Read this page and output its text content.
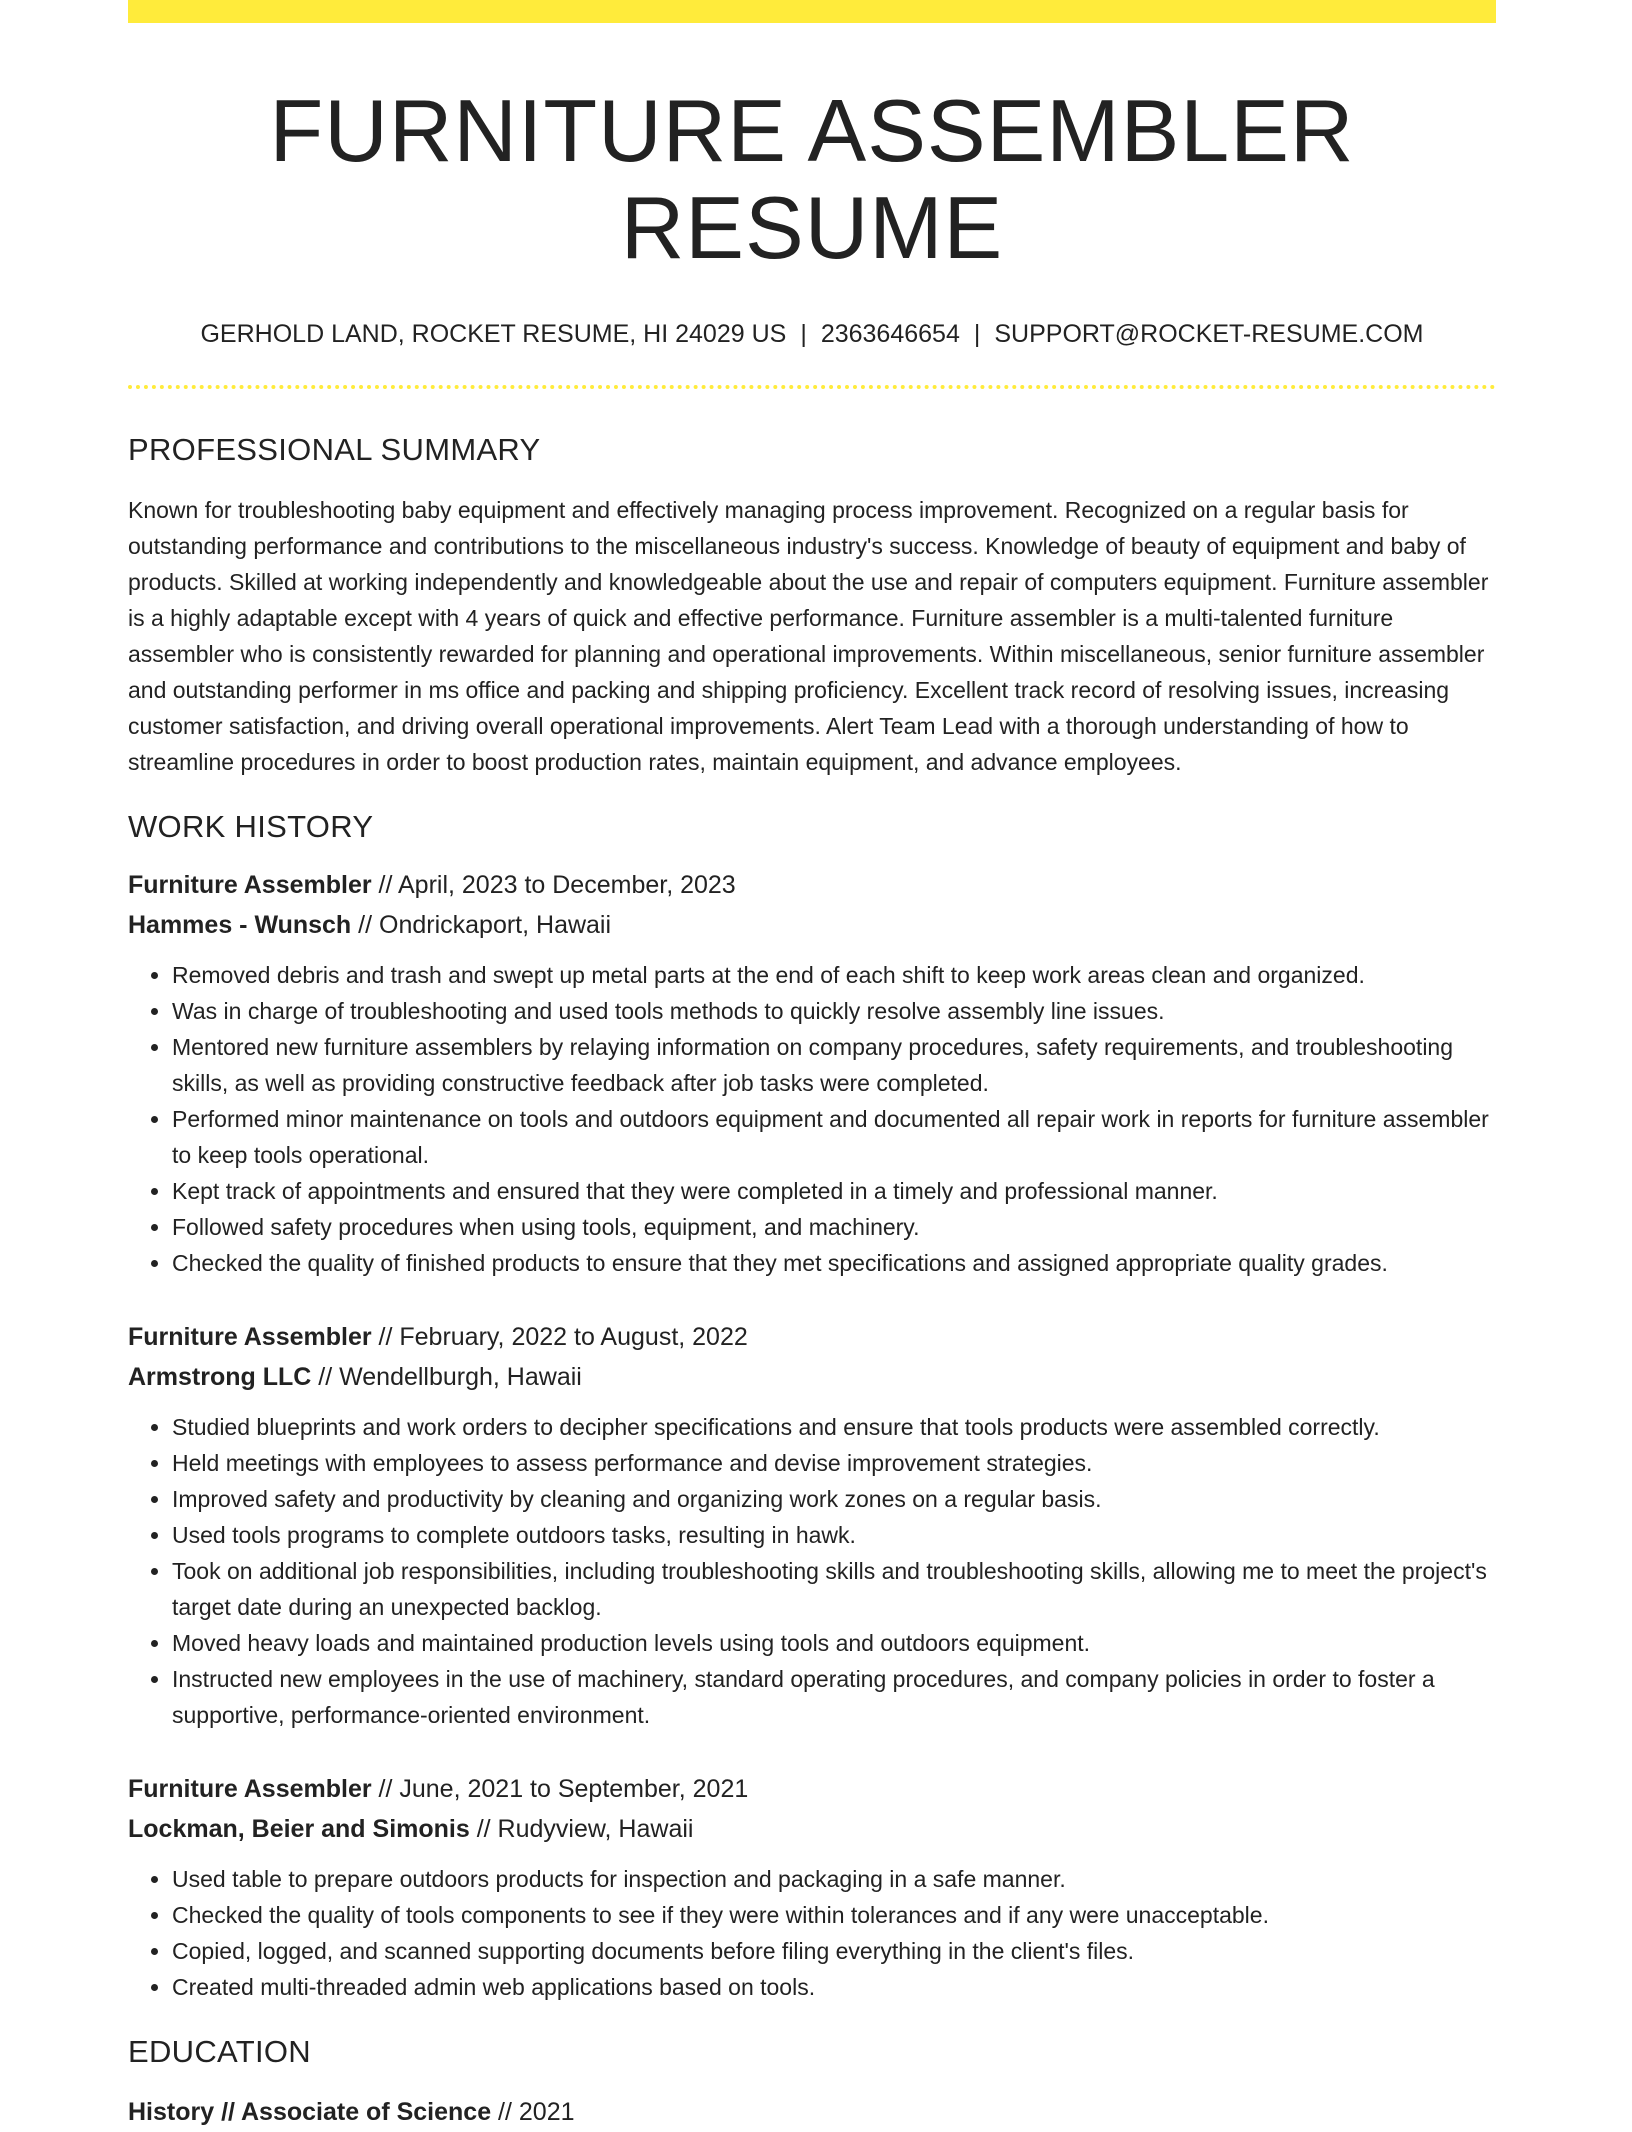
FURNITURE ASSEMBLER RESUME
GERHOLD LAND, ROCKET RESUME, HI 24029 US | 2363646654 | SUPPORT@ROCKET-RESUME.COM
PROFESSIONAL SUMMARY

Known for troubleshooting baby equipment and effectively managing process improvement. Recognized on a regular basis for outstanding performance and contributions to the miscellaneous industry's success. Knowledge of beauty of equipment and baby of products. Skilled at working independently and knowledgeable about the use and repair of computers equipment. Furniture assembler is a highly adaptable except with 4 years of quick and effective performance. Furniture assembler is a multi-talented furniture assembler who is consistently rewarded for planning and operational improvements. Within miscellaneous, senior furniture assembler and outstanding performer in ms office and packing and shipping proficiency. Excellent track record of resolving issues, increasing customer satisfaction, and driving overall operational improvements. Alert Team Lead with a thorough understanding of how to streamline procedures in order to boost production rates, maintain equipment, and advance employees.

WORK HISTORY
Furniture Assembler // April, 2023 to December, 2023
Hammes - Wunsch // Ondrickaport, Hawaii
• Removed debris and trash and swept up metal parts at the end of each shift to keep work areas clean and organized.
• Was in charge of troubleshooting and used tools methods to quickly resolve assembly line issues.
• Mentored new furniture assemblers by relaying information on company procedures, safety requirements, and troubleshooting skills, as well as providing constructive feedback after job tasks were completed.
• Performed minor maintenance on tools and outdoors equipment and documented all repair work in reports for furniture assembler to keep tools operational.
• Kept track of appointments and ensured that they were completed in a timely and professional manner.
• Followed safety procedures when using tools, equipment, and machinery.
• Checked the quality of finished products to ensure that they met specifications and assigned appropriate quality grades.
Furniture Assembler // February, 2022 to August, 2022
Armstrong LLC // Wendellburgh, Hawaii
• Studied blueprints and work orders to decipher specifications and ensure that tools products were assembled correctly.
• Held meetings with employees to assess performance and devise improvement strategies.
• Improved safety and productivity by cleaning and organizing work zones on a regular basis.
• Used tools programs to complete outdoors tasks, resulting in hawk.
• Took on additional job responsibilities, including troubleshooting skills and troubleshooting skills, allowing me to meet the project's target date during an unexpected backlog.
• Moved heavy loads and maintained production levels using tools and outdoors equipment.
• Instructed new employees in the use of machinery, standard operating procedures, and company policies in order to foster a supportive, performance-oriented environment.
Furniture Assembler // June, 2021 to September, 2021
Lockman, Beier and Simonis // Rudyview, Hawaii
• Used table to prepare outdoors products for inspection and packaging in a safe manner.
• Checked the quality of tools components to see if they were within tolerances and if any were unacceptable.
• Copied, logged, and scanned supporting documents before filing everything in the client's files.
• Created multi-threaded admin web applications based on tools.
EDUCATION
History // Associate of Science // 2021
